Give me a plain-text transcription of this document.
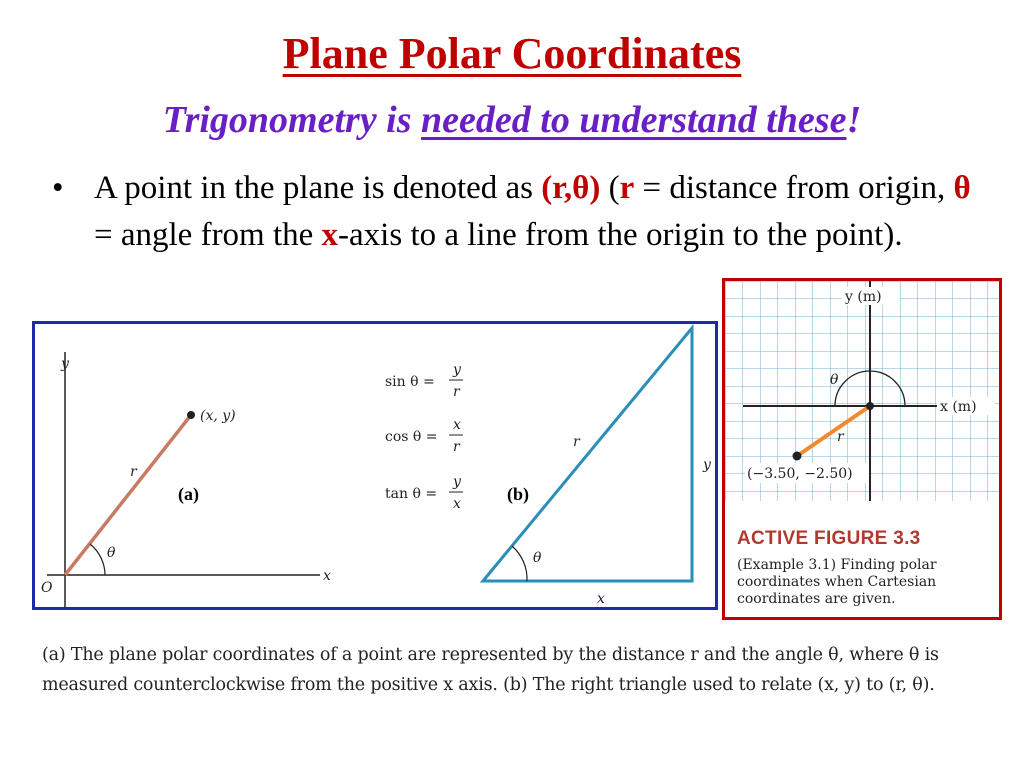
Plane Polar Coordinates
Trigonometry is needed to understand these!
• A point in the plane is denoted as (r,θ) (r = distance from origin, θ = angle from the x-axis to a line from the origin to the point).
y
x
O
(x, y)
r
θ
(a)
sin θ =
y
r
cos θ =
x
r
tan θ =
y
x
r
y
x
θ
(b)
y (m)
x (m)
θ
r
(−3.50, −2.50)
ACTIVE FIGURE 3.3
(Example 3.1) Finding polar coordinates when Cartesian coordinates are given.
(a) The plane polar coordinates of a point are represented by the distance r and the angle θ, where θ is
measured counterclockwise from the positive x axis. (b) The right triangle used to relate (x, y) to (r, θ).
